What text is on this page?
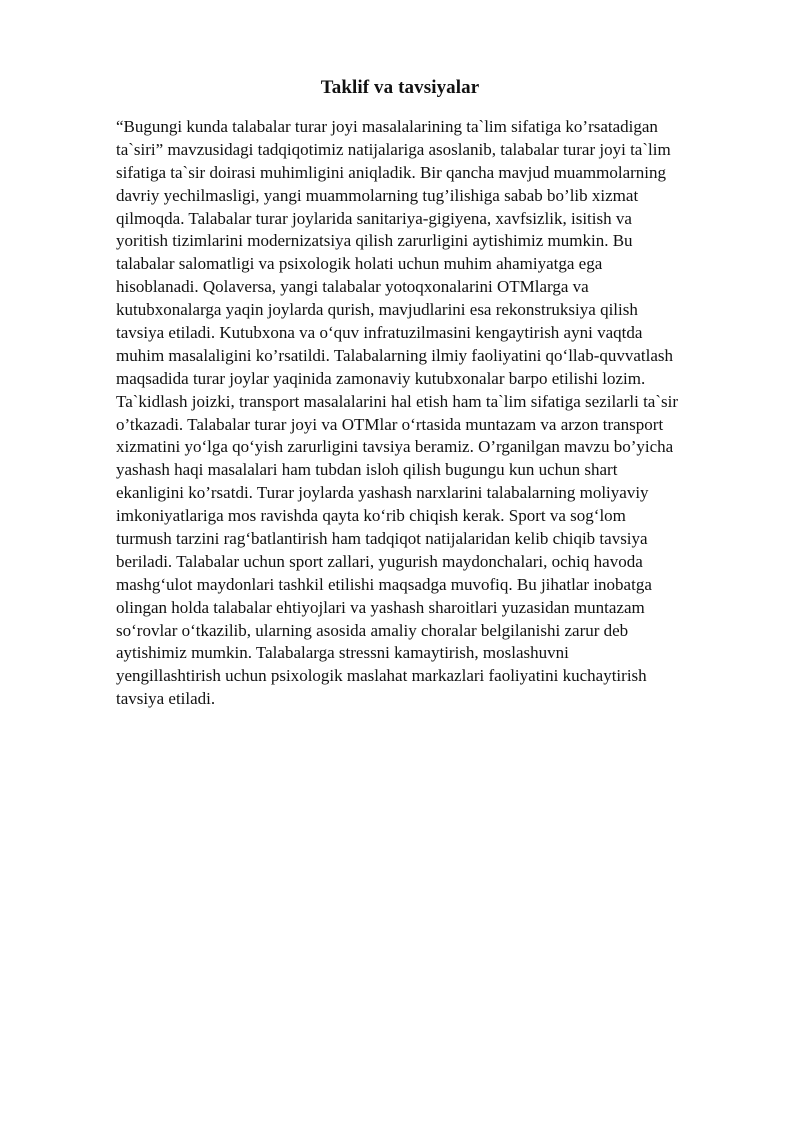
Taklif va tavsiyalar
“Bugungi kunda talabalar turar joyi masalalarining ta`lim sifatiga ko’rsatadigan
ta`siri” mavzusidagi tadqiqotimiz natijalariga asoslanib, talabalar turar joyi ta`lim
sifatiga ta`sir doirasi muhimligini aniqladik. Bir qancha mavjud muammolarning
davriy yechilmasligi, yangi muammolarning tug’ilishiga sabab bo’lib xizmat
qilmoqda. Talabalar turar joylarida sanitariya-gigiyena, xavfsizlik, isitish va
yoritish tizimlarini modernizatsiya qilish zarurligini aytishimiz mumkin. Bu
talabalar salomatligi va psixologik holati uchun muhim ahamiyatga ega
hisoblanadi. Qolaversa, yangi talabalar yotoqxonalarini OTMlarga va
kutubxonalarga yaqin joylarda qurish, mavjudlarini esa rekonstruksiya qilish
tavsiya etiladi. Kutubxona va o‘quv infratuzilmasini kengaytirish ayni vaqtda
muhim masalaligini ko’rsatildi. Talabalarning ilmiy faoliyatini qo‘llab-quvvatlash
maqsadida turar joylar yaqinida zamonaviy kutubxonalar barpo etilishi lozim.
Ta`kidlash joizki, transport masalalarini hal etish ham ta`lim sifatiga sezilarli ta`sir
o’tkazadi. Talabalar turar joyi va OTMlar o‘rtasida muntazam va arzon transport
xizmatini yo‘lga qo‘yish zarurligini tavsiya beramiz. O’rganilgan mavzu bo’yicha
yashash haqi masalalari ham tubdan isloh qilish bugungu kun uchun shart
ekanligini ko’rsatdi. Turar joylarda yashash narxlarini talabalarning moliyaviy
imkoniyatlariga mos ravishda qayta ko‘rib chiqish kerak. Sport va sog‘lom
turmush tarzini rag‘batlantirish ham tadqiqot natijalaridan kelib chiqib tavsiya
beriladi. Talabalar uchun sport zallari, yugurish maydonchalari, ochiq havoda
mashg‘ulot maydonlari tashkil etilishi maqsadga muvofiq. Bu jihatlar inobatga
olingan holda talabalar ehtiyojlari va yashash sharoitlari yuzasidan muntazam
so‘rovlar o‘tkazilib, ularning asosida amaliy choralar belgilanishi zarur deb
aytishimiz mumkin. Talabalarga stressni kamaytirish, moslashuvni
yengillashtirish uchun psixologik maslahat markazlari faoliyatini kuchaytirish
tavsiya etiladi.
